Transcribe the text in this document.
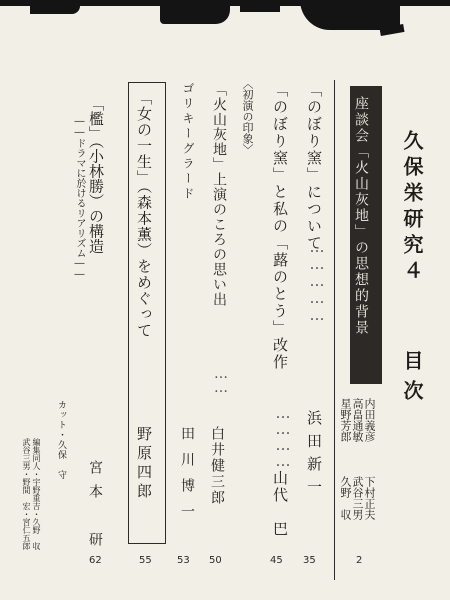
久保栄研究４
目次
座談会「火山灰地」の思想的背景
内田義彦
下村正夫
高畠通敏
武谷三男
星野芳郎
久野　収
2
「のぼり窯」について
……………
浜田新一
35
「のぼり窯」と私の「蕗のとう」改作
…………
山代　巴
45
〈初演の印象〉
「火山灰地」上演のころの思い出
……
白井健三郎
50
ゴリキーグラード
田川博一
53
「女の一生」（森本薫）をめぐって
野原四郎
55
「檻」（小林勝）の構造
――ドラマに於けるリアリズム――
宮本　研
62
カット・久保　守
編集同人・宇野重吉・久野　収
武谷三男・野間　宏・宮仁五郎
